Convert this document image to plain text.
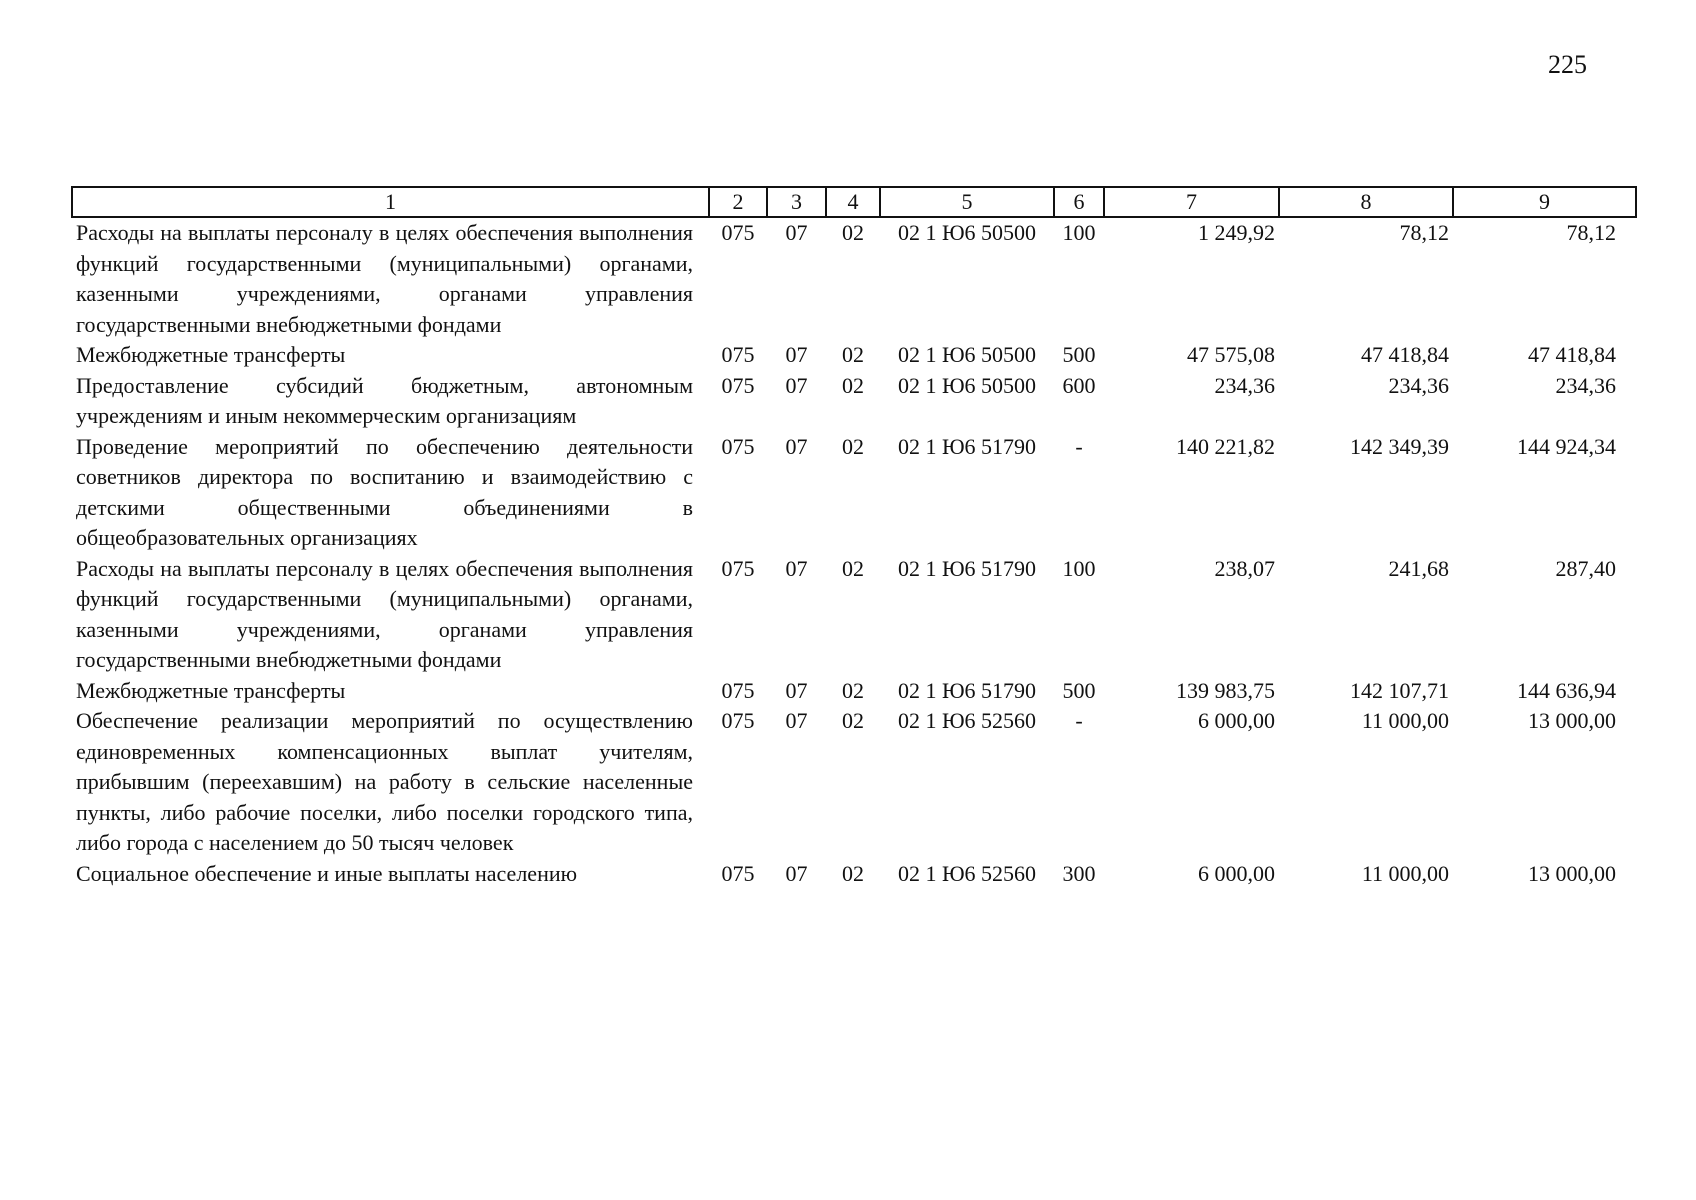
225
1	2	3	4	5	6	7	8	9
Расходы на выплаты персоналу в целях обеспечения выполнения функций государственными (муниципальными) органами, казенными учреждениями, органами управления государственными внебюджетными фондами	075	07	02	02 1 Ю6 50500	100	1 249,92	78,12	78,12
Межбюджетные трансферты	075	07	02	02 1 Ю6 50500	500	47 575,08	47 418,84	47 418,84
Предоставление субсидий бюджетным, автономным учреждениям и иным некоммерческим организациям	075	07	02	02 1 Ю6 50500	600	234,36	234,36	234,36
Проведение мероприятий по обеспечению деятельности советников директора по воспитанию и взаимодействию с детскими общественными объединениями в общеобразовательных организациях	075	07	02	02 1 Ю6 51790	-	140 221,82	142 349,39	144 924,34
Расходы на выплаты персоналу в целях обеспечения выполнения функций государственными (муниципальными) органами, казенными учреждениями, органами управления государственными внебюджетными фондами	075	07	02	02 1 Ю6 51790	100	238,07	241,68	287,40
Межбюджетные трансферты	075	07	02	02 1 Ю6 51790	500	139 983,75	142 107,71	144 636,94
Обеспечение реализации мероприятий по осуществлению единовременных компенсационных выплат учителям, прибывшим (переехавшим) на работу в сельские населенные пункты, либо рабочие поселки, либо поселки городского типа, либо города с населением до 50 тысяч человек	075	07	02	02 1 Ю6 52560	-	6 000,00	11 000,00	13 000,00
Социальное обеспечение и иные выплаты населению	075	07	02	02 1 Ю6 52560	300	6 000,00	11 000,00	13 000,00
